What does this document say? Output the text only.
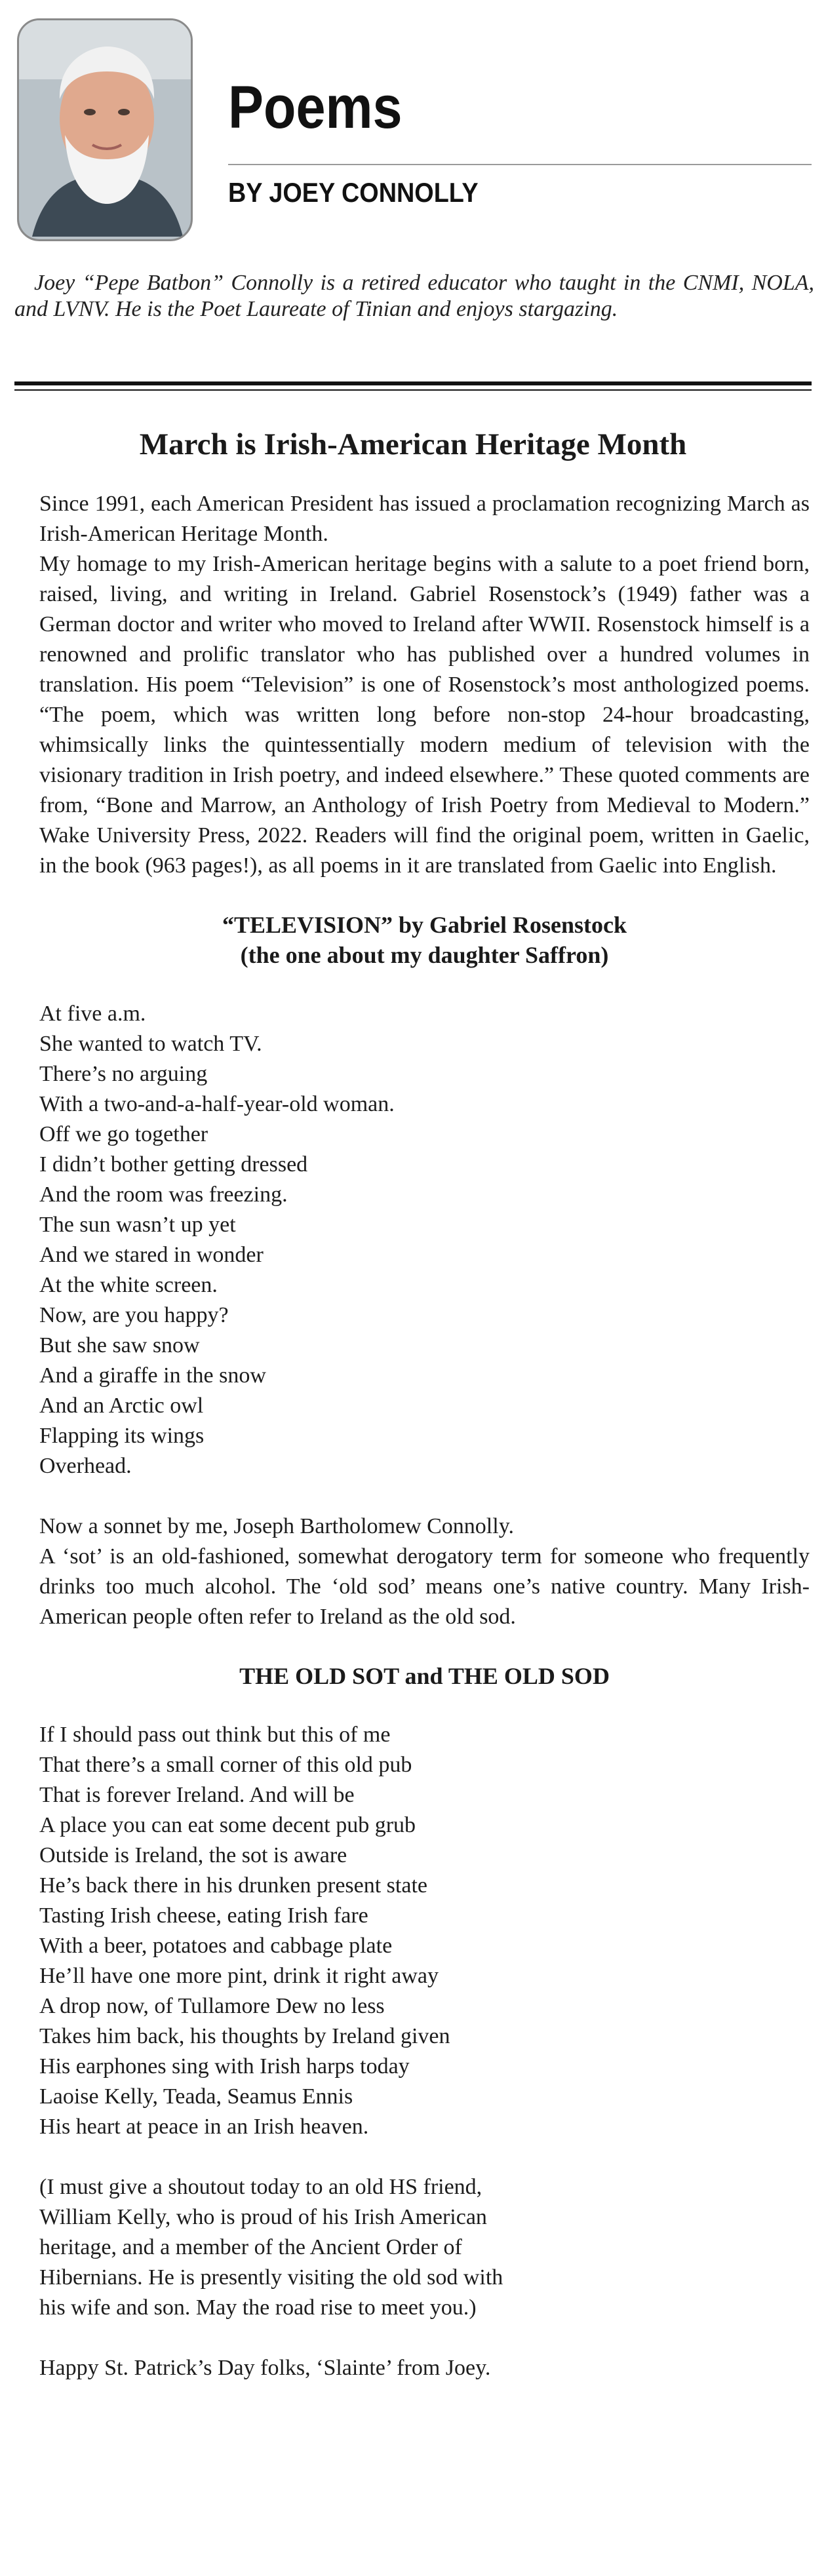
Poems
BY JOEY CONNOLLY
Joey “Pepe Batbon” Connolly is a retired educator who taught in the CNMI, NOLA, and LVNV. He is the Poet Laureate of Tinian and enjoys stargazing.
March is Irish-American Heritage Month

Since 1991, each American President has issued a proclamation recognizing March as Irish-American Heritage Month.

My homage to my Irish-American heritage begins with a salute to a poet friend born, raised, living, and writing in Ireland. Gabriel Rosenstock’s (1949) father was a German doctor and writer who moved to Ireland after WWII. Rosenstock himself is a renowned and prolific translator who has published over a hundred volumes in translation. His poem “Television” is one of Rosenstock’s most anthologized poems. “The poem, which was written long before non-stop 24-hour broadcasting, whimsically links the quintessentially modern medium of television with the visionary tradition in Irish poetry, and indeed elsewhere.” These quoted comments are from, “Bone and Marrow, an Anthology of Irish Poetry from Medieval to Modern.” Wake University Press, 2022. Readers will find the original poem, written in Gaelic, in the book (963 pages!), as all poems in it are translated from Gaelic into English.

“TELEVISION” by Gabriel Rosenstock
(the one about my daughter Saffron)
At five a.m.
She wanted to watch TV.
There’s no arguing
With a two-and-a-half-year-old woman.
Off we go together
I didn’t bother getting dressed
And the room was freezing.
The sun wasn’t up yet
And we stared in wonder
At the white screen.
Now, are you happy?
But she saw snow
And a giraffe in the snow
And an Arctic owl
Flapping its wings
Overhead.

Now a sonnet by me, Joseph Bartholomew Connolly.

A ‘sot’ is an old-fashioned, somewhat derogatory term for someone who frequently drinks too much alcohol. The ‘old sod’ means one’s native country. Many Irish-American people often refer to Ireland as the old sod.

THE OLD SOT and THE OLD SOD
If I should pass out think but this of me
That there’s a small corner of this old pub
That is forever Ireland. And will be
A place you can eat some decent pub grub
Outside is Ireland, the sot is aware
He’s back there in his drunken present state
Tasting Irish cheese, eating Irish fare
With a beer, potatoes and cabbage plate
He’ll have one more pint, drink it right away
A drop now, of Tullamore Dew no less
Takes him back, his thoughts by Ireland given
His earphones sing with Irish harps today
Laoise Kelly, Teada, Seamus Ennis
His heart at peace in an Irish heaven.
(I must give a shoutout today to an old HS friend,
William Kelly, who is proud of his Irish American
heritage, and a member of the Ancient Order of
Hibernians. He is presently visiting the old sod with
his wife and son. May the road rise to meet you.)
Happy St. Patrick’s Day folks, ‘Slainte’ from Joey.
